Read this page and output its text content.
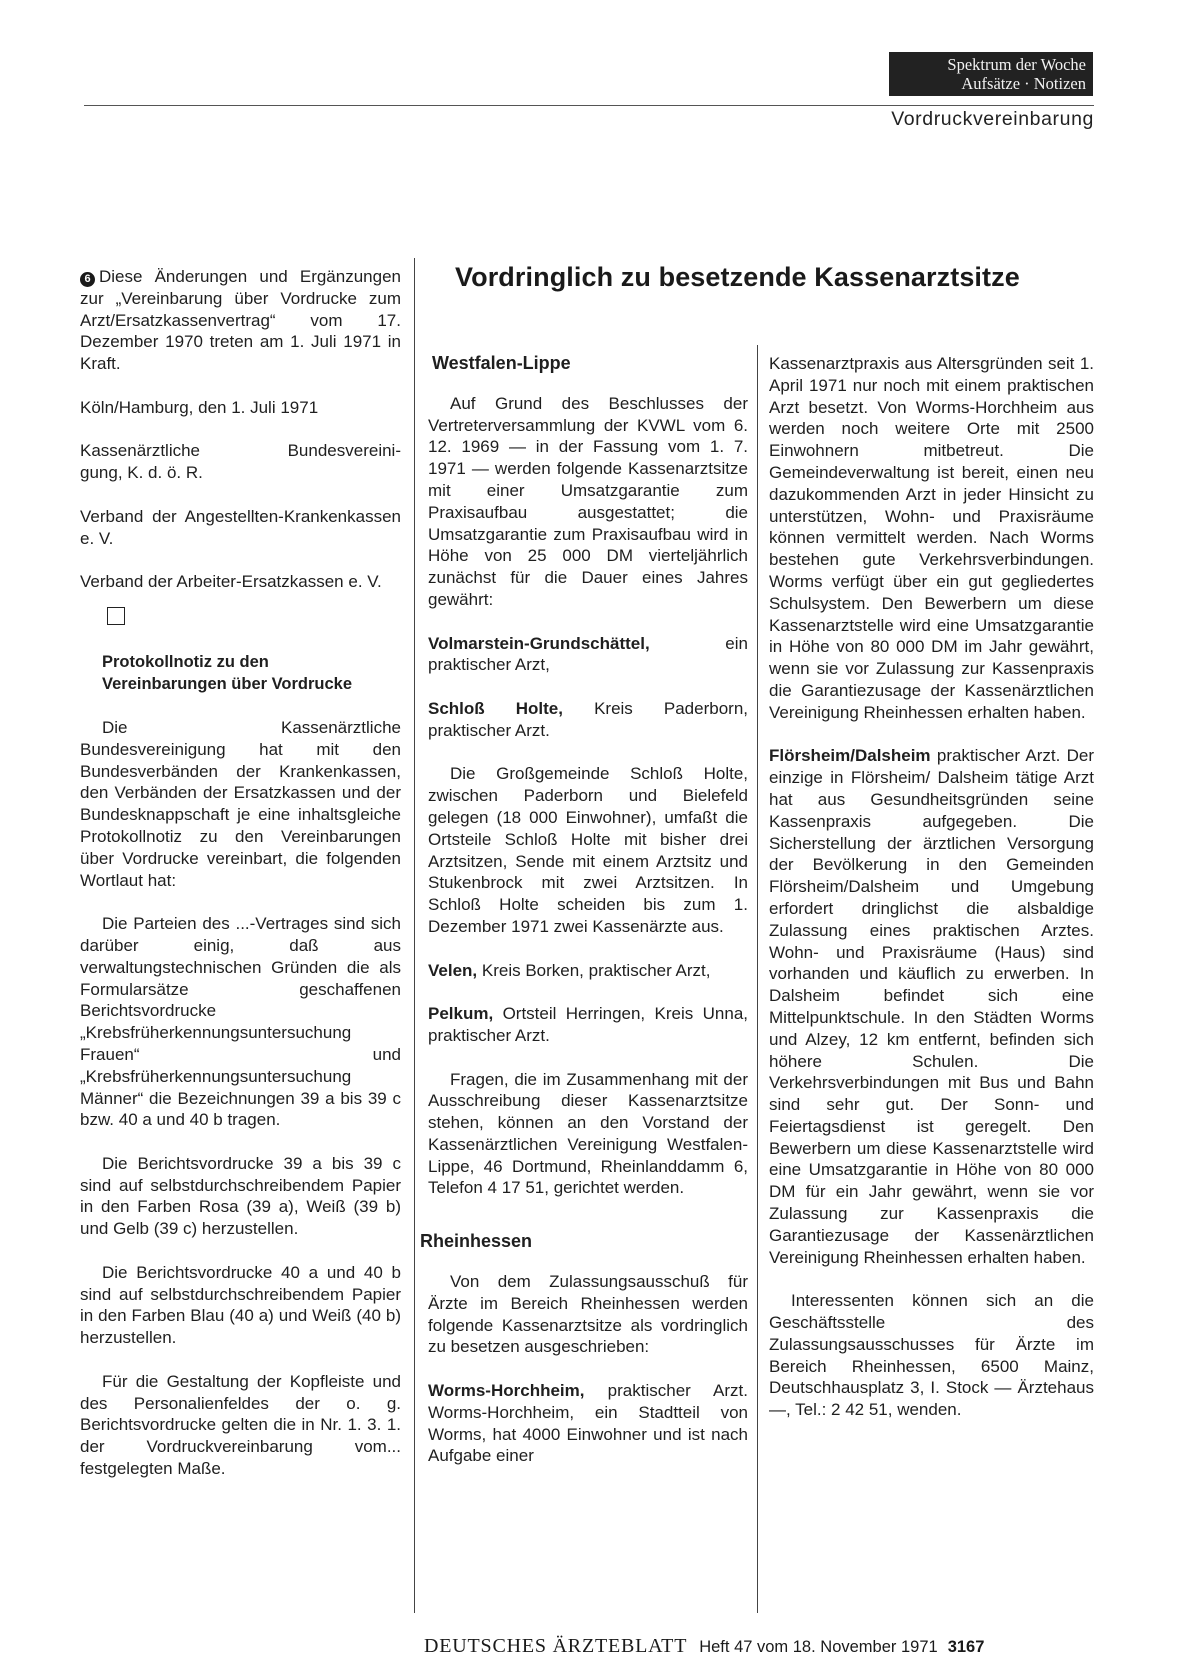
Spektrum der Woche
Aufsätze · Notizen
Vordruckvereinbarung

6 Diese Änderungen und Ergänzungen zur „Vereinbarung über Vordrucke zum Arzt/Ersatzkassenvertrag“ vom 17. Dezember 1970 treten am 1. Juli 1971 in Kraft.

Köln/Hamburg, den 1. Juli 1971

Kassenärztliche	Bundesvereini-
gung, K. d. ö. R.

Verband der Angestellten-Krankenkassen e. V.

Verband der Arbeiter-Ersatzkassen e. V.

Protokollnotiz zu den
Vereinbarungen über Vordrucke

Die Kassenärztliche Bundesvereinigung hat mit den Bundesverbänden der Krankenkassen, den Verbänden der Ersatzkassen und der Bundesknappschaft je eine inhaltsgleiche Protokollnotiz zu den Vereinbarungen über Vordrucke vereinbart, die folgenden Wortlaut hat:

Die Parteien des ...-Vertrages sind sich darüber einig, daß aus verwaltungstechnischen Gründen die als Formularsätze geschaffenen Berichtsvordrucke „Krebsfrüherkennungsuntersuchung Frauen“ und „Krebsfrüherkennungsuntersuchung Männer“ die Bezeichnungen 39 a bis 39 c bzw. 40 a und 40 b tragen.

Die Berichtsvordrucke 39 a bis 39 c sind auf selbstdurchschreibendem Papier in den Farben Rosa (39 a), Weiß (39 b) und Gelb (39 c) herzustellen.

Die Berichtsvordrucke 40 a und 40 b sind auf selbstdurchschreibendem Papier in den Farben Blau (40 a) und Weiß (40 b) herzustellen.

Für die Gestaltung der Kopfleiste und des Personalienfeldes der o. g. Berichtsvordrucke gelten die in Nr. 1. 3. 1. der Vordruckvereinbarung vom... festgelegten Maße.

Vordringlich zu besetzende Kassenarztsitze
Westfalen-Lippe

Auf Grund des Beschlusses der Vertreterversammlung der KVWL vom 6. 12. 1969 — in der Fassung vom 1. 7. 1971 — werden folgende Kassenarztsitze mit einer Umsatzgarantie zum Praxisaufbau ausgestattet; die Umsatzgarantie zum Praxisaufbau wird in Höhe von 25 000 DM vierteljährlich zunächst für die Dauer eines Jahres gewährt:

Volmarstein-Grundschättel, ein praktischer Arzt,

Schloß Holte, Kreis Paderborn, praktischer Arzt.

Die Großgemeinde Schloß Holte, zwischen Paderborn und Bielefeld gelegen (18 000 Einwohner), umfaßt die Ortsteile Schloß Holte mit bisher drei Arztsitzen, Sende mit einem Arztsitz und Stukenbrock mit zwei Arztsitzen. In Schloß Holte scheiden bis zum 1. Dezember 1971 zwei Kassenärzte aus.

Velen, Kreis Borken, praktischer Arzt,

Pelkum, Ortsteil Herringen, Kreis Unna, praktischer Arzt.

Fragen, die im Zusammenhang mit der Ausschreibung dieser Kassenarztsitze stehen, können an den Vorstand der Kassenärztlichen Vereinigung Westfalen-Lippe, 46 Dortmund, Rheinlanddamm 6, Telefon 4 17 51, gerichtet werden.

Rheinhessen

Von dem Zulassungsausschuß für Ärzte im Bereich Rheinhessen werden folgende Kassenarztsitze als vordringlich zu besetzen ausgeschrieben:

Worms-Horchheim, praktischer Arzt. Worms-Horchheim, ein Stadtteil von Worms, hat 4000 Einwohner und ist nach Aufgabe einer

Kassenarztpraxis aus Altersgründen seit 1. April 1971 nur noch mit einem praktischen Arzt besetzt. Von Worms-Horchheim aus werden noch weitere Orte mit 2500 Einwohnern mitbetreut. Die Gemeindeverwaltung ist bereit, einen neu dazukommenden Arzt in jeder Hinsicht zu unterstützen, Wohn- und Praxisräume können vermittelt werden. Nach Worms bestehen gute Verkehrsverbindungen. Worms verfügt über ein gut gegliedertes Schulsystem. Den Bewerbern um diese Kassenarztstelle wird eine Umsatzgarantie in Höhe von 80 000 DM im Jahr gewährt, wenn sie vor Zulassung zur Kassenpraxis die Garantiezusage der Kassenärztlichen Vereinigung Rheinhessen erhalten haben.

Flörsheim/Dalsheim praktischer Arzt. Der einzige in Flörsheim/ Dalsheim tätige Arzt hat aus Gesundheitsgründen seine Kassenpraxis aufgegeben. Die Sicherstellung der ärztlichen Versorgung der Bevölkerung in den Gemeinden Flörsheim/Dalsheim und Umgebung erfordert dringlichst die alsbaldige Zulassung eines praktischen Arztes. Wohn- und Praxisräume (Haus) sind vorhanden und käuflich zu erwerben. In Dalsheim befindet sich eine Mittelpunktschule. In den Städten Worms und Alzey, 12 km entfernt, befinden sich höhere Schulen. Die Verkehrsverbindungen mit Bus und Bahn sind sehr gut. Der Sonn- und Feiertagsdienst ist geregelt. Den Bewerbern um diese Kassenarztstelle wird eine Umsatzgarantie in Höhe von 80 000 DM für ein Jahr gewährt, wenn sie vor Zulassung zur Kassenpraxis die Garantiezusage der Kassenärztlichen Vereinigung Rheinhessen erhalten haben.

Interessenten können sich an die Geschäftsstelle des Zulassungsausschusses für Ärzte im Bereich Rheinhessen, 6500 Mainz, Deutschhausplatz 3, I. Stock — Ärztehaus —, Tel.: 2 42 51, wenden.

DEUTSCHES ÄRZTEBLATT Heft 47 vom 18. November 1971 3167
